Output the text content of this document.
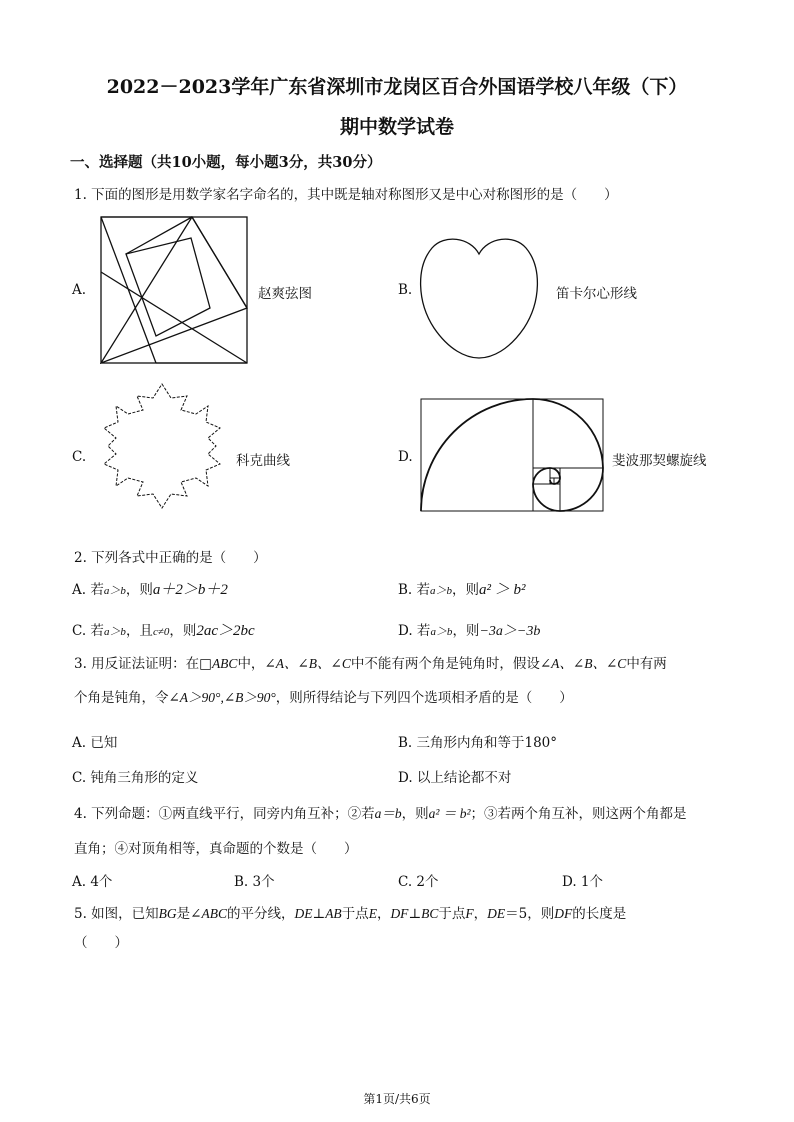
2022－2023学年广东省深圳市龙岗区百合外国语学校八年级（下）
期中数学试卷
一、选择题（共10小题，每小题3分，共30分）
1. 下面的图形是用数学家名字命名的，其中既是轴对称图形又是中心对称图形的是（　　）
A.	赵爽弦图	B.	笛卡尔心形线
C.	科克曲线	D.	斐波那契螺旋线
2. 下列各式中正确的是（　　）
A. 若a＞b，则a＋2＞b＋2	B. 若a＞b，则a² ＞ b²
C. 若a＞b，且c≠0，则2ac＞2bc	D. 若a＞b，则−3a＞−3b
3. 用反证法证明：在□ABC中，∠A、∠B、∠C中不能有两个角是钝角时，假设∠A、∠B、∠C中有两
个角是钝角，令∠A＞90°,∠B＞90°，则所得结论与下列四个选项相矛盾的是（　　）
A. 已知	B. 三角形内角和等于180°
C. 钝角三角形的定义	D. 以上结论都不对
4. 下列命题：①两直线平行，同旁内角互补；②若a＝b，则a² ＝ b²；③若两个角互补，则这两个角都是
直角；④对顶角相等，真命题的个数是（　　）
A. 4个	B. 3个	C. 2个	D. 1个
5. 如图，已知BG是∠ABC的平分线，DE⊥AB于点E，DF⊥BC于点F，DE＝5，则DF的长度是
（　　）
第1页/共6页
